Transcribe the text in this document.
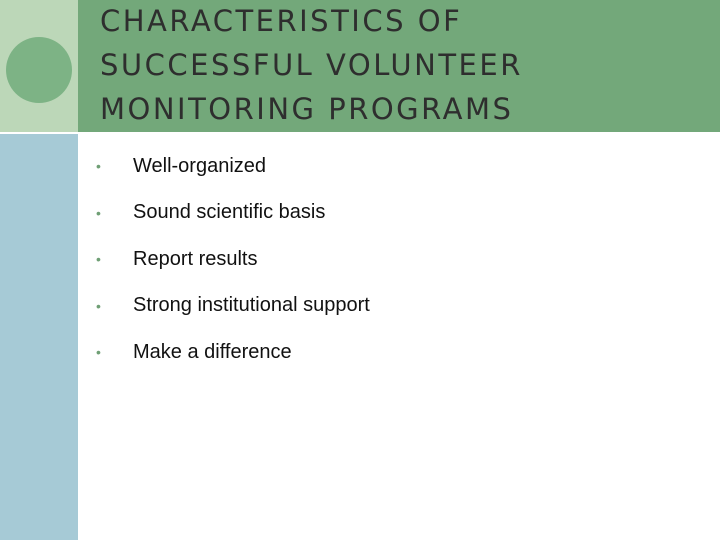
CHARACTERISTICS OF
SUCCESSFUL VOLUNTEER
MONITORING PROGRAMS
•	Well-organized
•	Sound scientific basis
•	Report results
•	Strong institutional support
•	Make a difference
